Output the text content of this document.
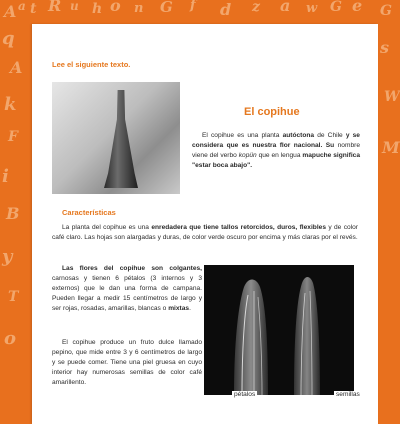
A a t R u h o n G f d z a w G e G
q
A
k
F
i
B
y
T
o
s
W
M
Lee el siguiente texto.
El copihue
El copihue es una planta autóctona de Chile y se considera que es nuestra flor nacional. Su nombre viene del verbo kopün que en lengua mapuche significa "estar boca abajo".
Características
La planta del copihue es una enredadera que tiene tallos retorcidos, duros, flexibles y de color café claro. Las hojas son alargadas y duras, de color verde oscuro por encima y más claras por el revés.
Las flores del copihue son colgantes, carnosas y tienen 6 pétalos (3 internos y 3 externos) que le dan una forma de campana. Pueden llegar a medir 15 centímetros de largo y ser rojas, rosadas, amarillas, blancas o mixtas.
El copihue produce un fruto dulce llamado pepino, que mide entre 3 y 6 centímetros de largo y se puede comer. Tiene una piel gruesa en cuyo interior hay numerosas semillas de color café amarillento.
pétalos	semillas
